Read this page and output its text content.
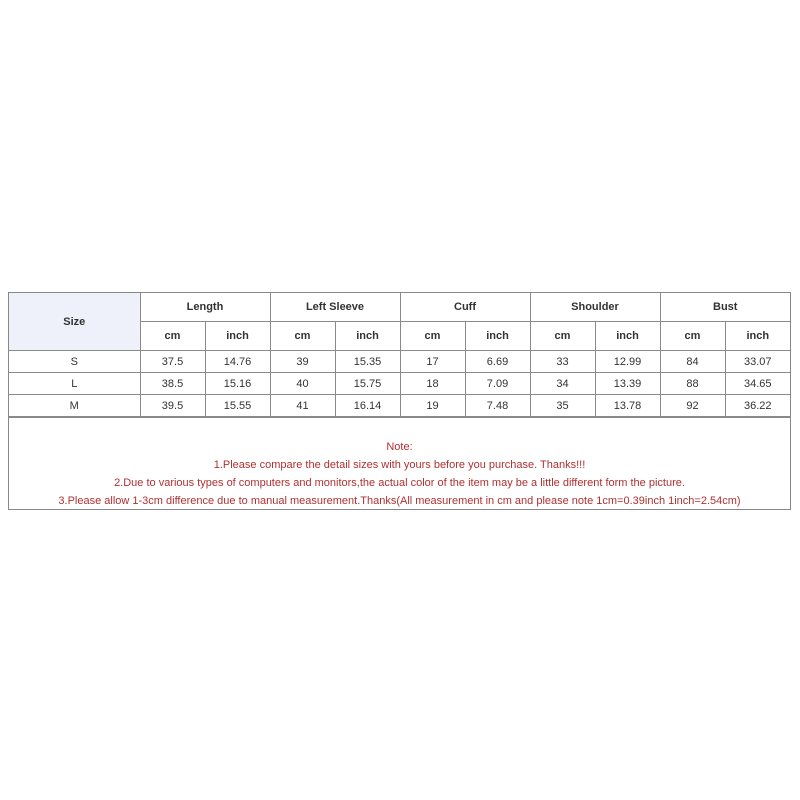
Size	Length		Left Sleeve		Cuff		Shoulder		Bust	
	cm	inch	cm	inch	cm	inch	cm	inch	cm	inch
S	37.5	14.76	39	15.35	17	6.69	33	12.99	84	33.07
L	38.5	15.16	40	15.75	18	7.09	34	13.39	88	34.65
M	39.5	15.55	41	16.14	19	7.48	35	13.78	92	36.22
Note:
1.Please compare the detail sizes with yours before you purchase. Thanks!!!
2.Due to various types of computers and monitors,the actual color of the item may be a little different form the picture.
3.Please allow 1-3cm difference due to manual measurement.Thanks(All measurement in cm and please note 1cm=0.39inch 1inch=2.54cm)
